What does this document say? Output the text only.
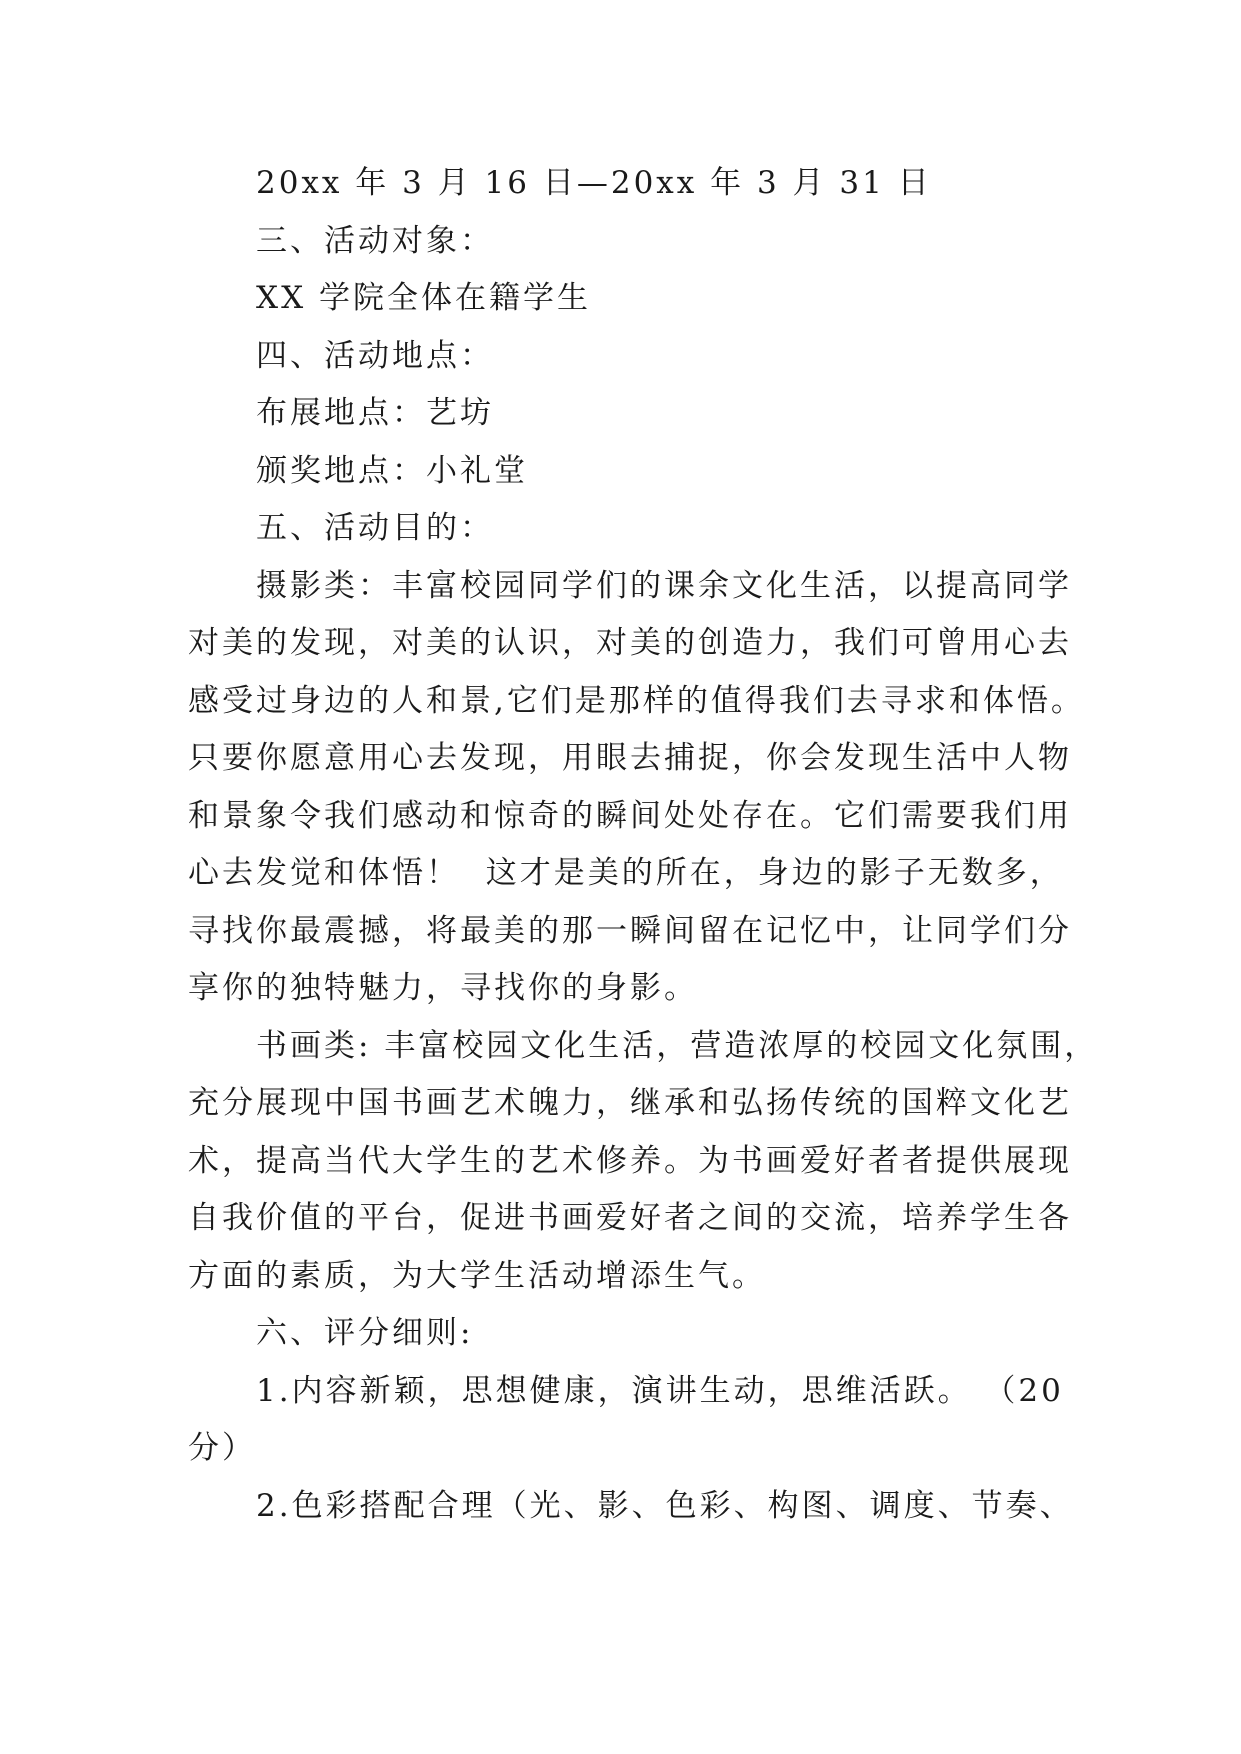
20xx 年 3 月 16 日—20xx 年 3 月 31 日
三、活动对象：
XX 学院全体在籍学生
四、活动地点：
布展地点：艺坊
颁奖地点：小礼堂
五、活动目的：
摄影类：丰富校园同学们的课余文化生活，以提高同学
对美的发现，对美的认识，对美的创造力，我们可曾用心去
感受过身边的人和景,它们是那样的值得我们去寻求和体悟。
只要你愿意用心去发现，用眼去捕捉，你会发现生活中人物
和景象令我们感动和惊奇的瞬间处处存在。它们需要我们用
心去发觉和体悟！  这才是美的所在，身边的影子无数多，
寻找你最震撼，将最美的那一瞬间留在记忆中，让同学们分
享你的独特魅力，寻找你的身影。
书画类: 丰富校园文化生活，营造浓厚的校园文化氛围，
充分展现中国书画艺术魄力，继承和弘扬传统的国粹文化艺
术，提高当代大学生的艺术修养。为书画爱好者者提供展现
自我价值的平台，促进书画爱好者之间的交流，培养学生各
方面的素质，为大学生活动增添生气。
六、评分细则:
1.内容新颖，思想健康，演讲生动，思维活跃。 （20
分）
2.色彩搭配合理（光、影、色彩、构图、调度、节奏、
